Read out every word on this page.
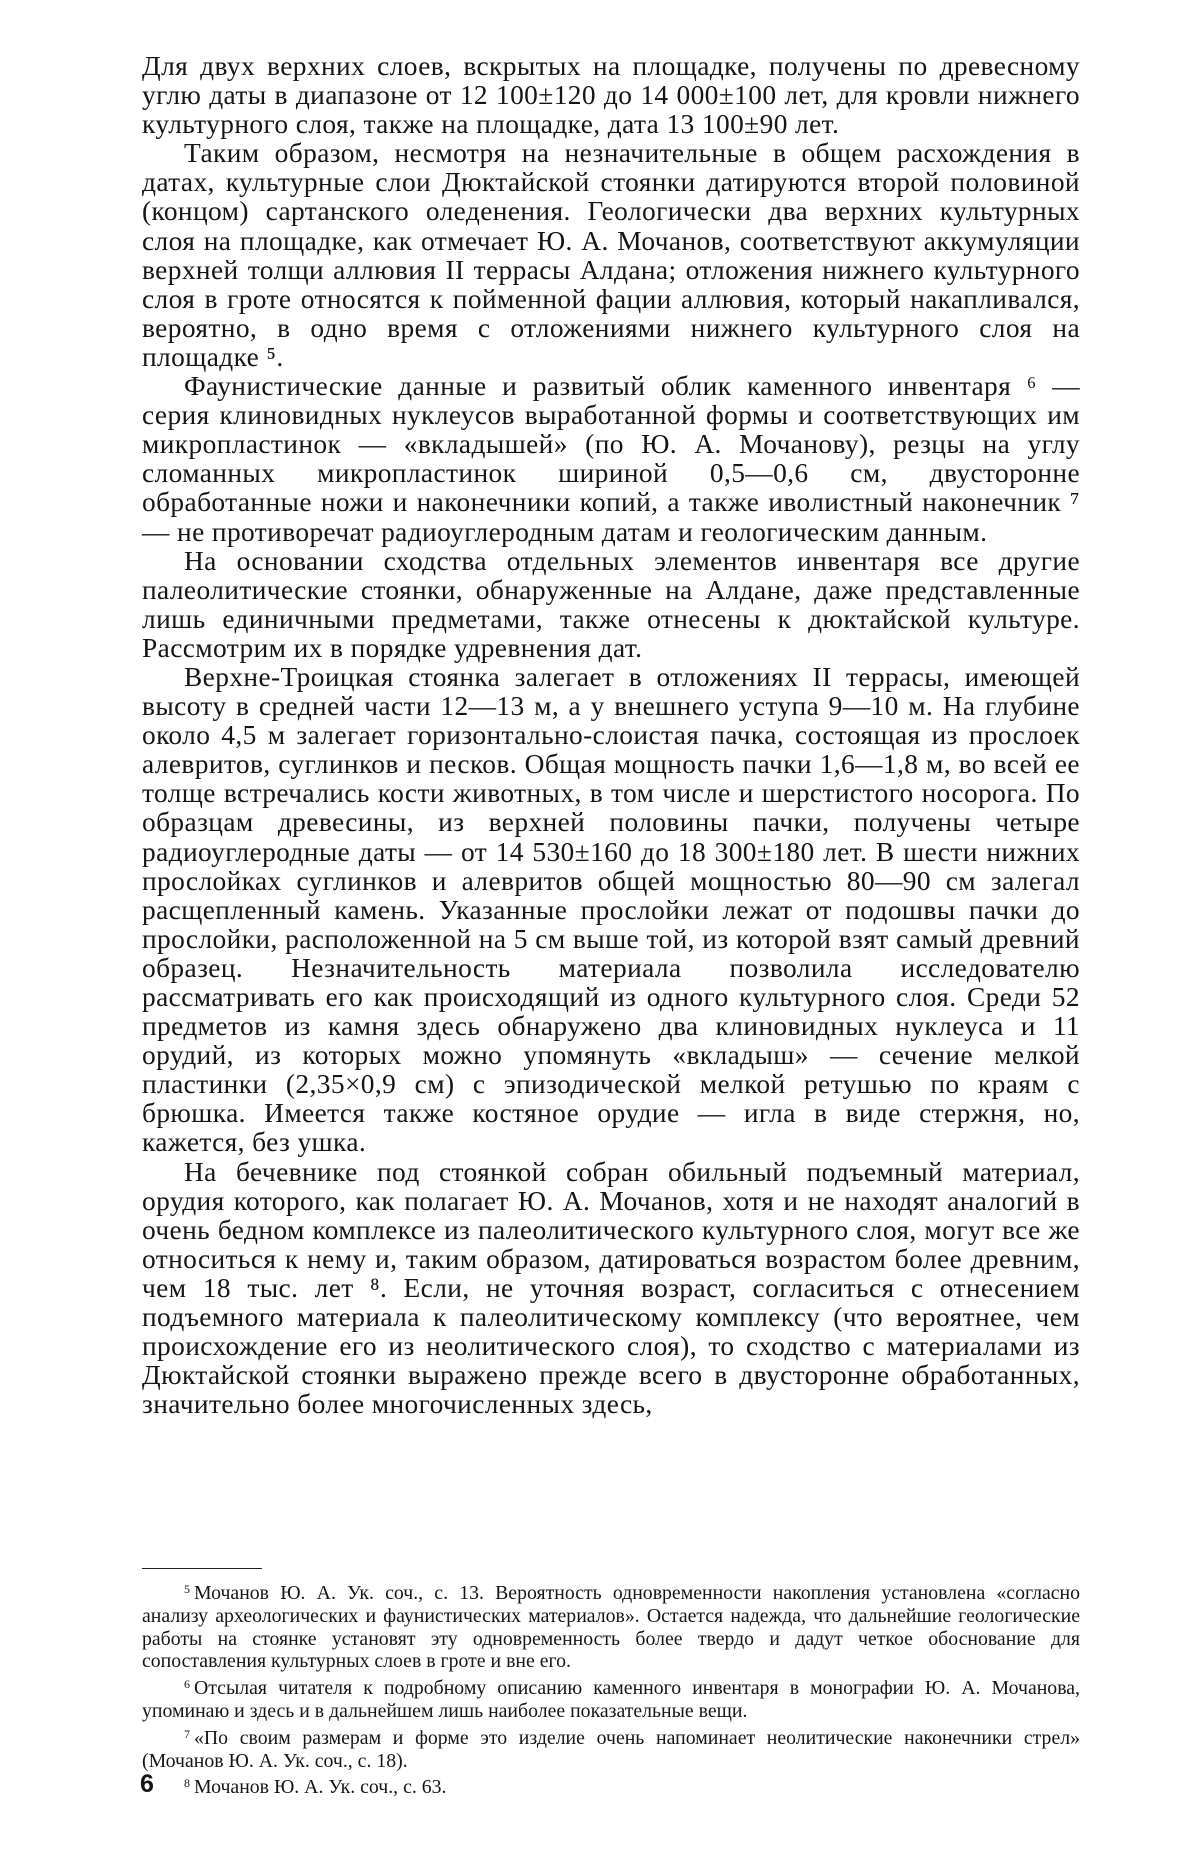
Для двух верхних слоев, вскрытых на площадке, получены по древесному углю даты в диапазоне от 12 100±120 до 14 000±100 лет, для кровли нижнего культурного слоя, также на площадке, дата 13 100±90 лет.

Таким образом, несмотря на незначительные в общем расхождения в датах, культурные слои Дюктайской стоянки датируются второй половиной (концом) сартанского оледенения. Геологически два верхних культурных слоя на площадке, как отмечает Ю. А. Мочанов, соответствуют аккумуляции верхней толщи аллювия II террасы Алдана; отложения нижнего культурного слоя в гроте относятся к пойменной фации аллювия, который накапливался, вероятно, в одно время с отложениями нижнего культурного слоя на площадке ⁵.

Фаунистические данные и развитый облик каменного инвентаря ⁶ — серия клиновидных нуклеусов выработанной формы и соответствующих им микропластинок — «вкладышей» (по Ю. А. Мочанову), резцы на углу сломанных микропластинок шириной 0,5—0,6 см, двусторонне обработанные ножи и наконечники копий, а также иволистный наконечник ⁷— не противоречат радиоуглеродным датам и геологическим данным.

На основании сходства отдельных элементов инвентаря все другие палеолитические стоянки, обнаруженные на Алдане, даже представленные лишь единичными предметами, также отнесены к дюктайской культуре. Рассмотрим их в порядке удревнения дат.

Верхне-Троицкая стоянка залегает в отложениях II террасы, имеющей высоту в средней части 12—13 м, а у внешнего уступа 9—10 м. На глубине около 4,5 м залегает горизонтально-слоистая пачка, состоящая из прослоек алевритов, суглинков и песков. Общая мощность пачки 1,6—1,8 м, во всей ее толще встречались кости животных, в том числе и шерстистого носорога. По образцам древесины, из верхней половины пачки, получены четыре радиоуглеродные даты — от 14 530±160 до 18 300±180 лет. В шести нижних прослойках суглинков и алевритов общей мощностью 80—90 см залегал расщепленный камень. Указанные прослойки лежат от подошвы пачки до прослойки, расположенной на 5 см выше той, из которой взят самый древний образец. Незначительность материала позволила исследователю рассматривать его как происходящий из одного культурного слоя. Среди 52 предметов из камня здесь обнаружено два клиновидных нуклеуса и 11 орудий, из которых можно упомянуть «вкладыш» — сечение мелкой пластинки (2,35×0,9 см) с эпизодической мелкой ретушью по краям с брюшка. Имеется также костяное орудие — игла в виде стержня, но, кажется, без ушка.

На бечевнике под стоянкой собран обильный подъемный материал, орудия которого, как полагает Ю. А. Мочанов, хотя и не находят аналогий в очень бедном комплексе из палеолитического культурного слоя, могут все же относиться к нему и, таким образом, датироваться возрастом более древним, чем 18 тыс. лет ⁸. Если, не уточняя возраст, согласиться с отнесением подъемного материала к палеолитическому комплексу (что вероятнее, чем происхождение его из неолитического слоя), то сходство с материалами из Дюктайской стоянки выражено прежде всего в двусторонне обработанных, значительно более многочисленных здесь,

$^5$ Мочанов Ю. А. Ук. соч., с. 13. Вероятность одновременности накопления установлена «согласно анализу археологических и фаунистических материалов». Остается надежда, что дальнейшие геологические работы на стоянке установят эту одновременность более твердо и дадут четкое обоснование для сопоставления культурных слоев в гроте и вне его.

$^6$ Отсылая читателя к подробному описанию каменного инвентаря в монографии Ю. А. Мочанова, упоминаю и здесь и в дальнейшем лишь наиболее показательные вещи.

$^7$ «По своим размерам и форме это изделие очень напоминает неолитические наконечники стрел» (Мочанов Ю. А. Ук. соч., с. 18).

$^8$ Мочанов Ю. А. Ук. соч., с. 63.

6
